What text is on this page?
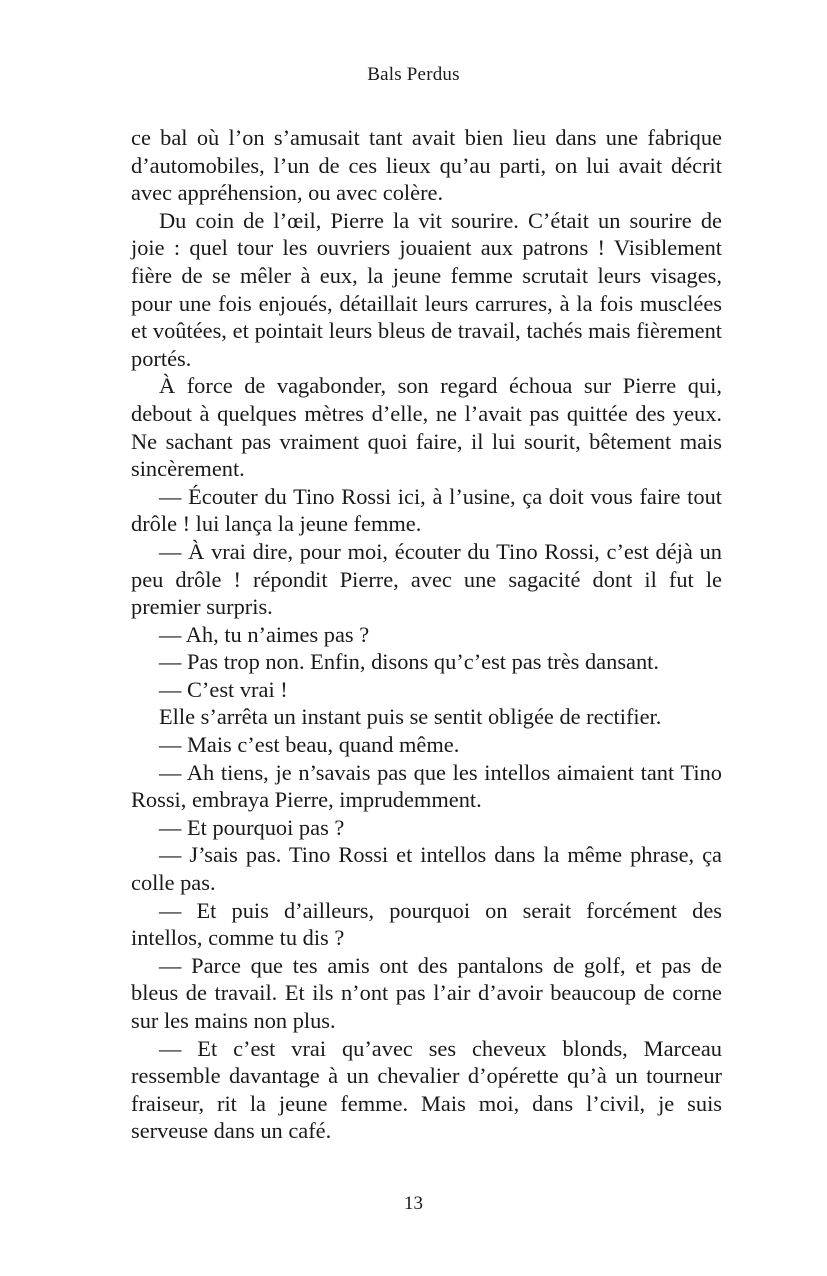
Bals Perdus

ce bal où l’on s’amusait tant avait bien lieu dans une fabrique d’automobiles, l’un de ces lieux qu’au parti, on lui avait décrit avec appréhension, ou avec colère.

Du coin de l’œil, Pierre la vit sourire. C’était un sourire de joie : quel tour les ouvriers jouaient aux patrons ! Visiblement fière de se mêler à eux, la jeune femme scrutait leurs visages, pour une fois enjoués, détaillait leurs carrures, à la fois musclées et voûtées, et pointait leurs bleus de travail, tachés mais fièrement portés.

À force de vagabonder, son regard échoua sur Pierre qui, debout à quelques mètres d’elle, ne l’avait pas quittée des yeux. Ne sachant pas vraiment quoi faire, il lui sourit, bêtement mais sincèrement.

— Écouter du Tino Rossi ici, à l’usine, ça doit vous faire tout drôle ! lui lança la jeune femme.

— À vrai dire, pour moi, écouter du Tino Rossi, c’est déjà un peu drôle ! répondit Pierre, avec une sagacité dont il fut le premier surpris.

— Ah, tu n’aimes pas ?

— Pas trop non. Enfin, disons qu’c’est pas très dansant.

— C’est vrai !

Elle s’arrêta un instant puis se sentit obligée de rectifier.

— Mais c’est beau, quand même.

— Ah tiens, je n’savais pas que les intellos aimaient tant Tino Rossi, embraya Pierre, imprudemment.

— Et pourquoi pas ?

— J’sais pas. Tino Rossi et intellos dans la même phrase, ça colle pas.

— Et puis d’ailleurs, pourquoi on serait forcément des intellos, comme tu dis ?

— Parce que tes amis ont des pantalons de golf, et pas de bleus de travail. Et ils n’ont pas l’air d’avoir beaucoup de corne sur les mains non plus.

— Et c’est vrai qu’avec ses cheveux blonds, Marceau ressemble davantage à un chevalier d’opérette qu’à un tourneur fraiseur, rit la jeune femme. Mais moi, dans l’civil, je suis serveuse dans un café.

13
